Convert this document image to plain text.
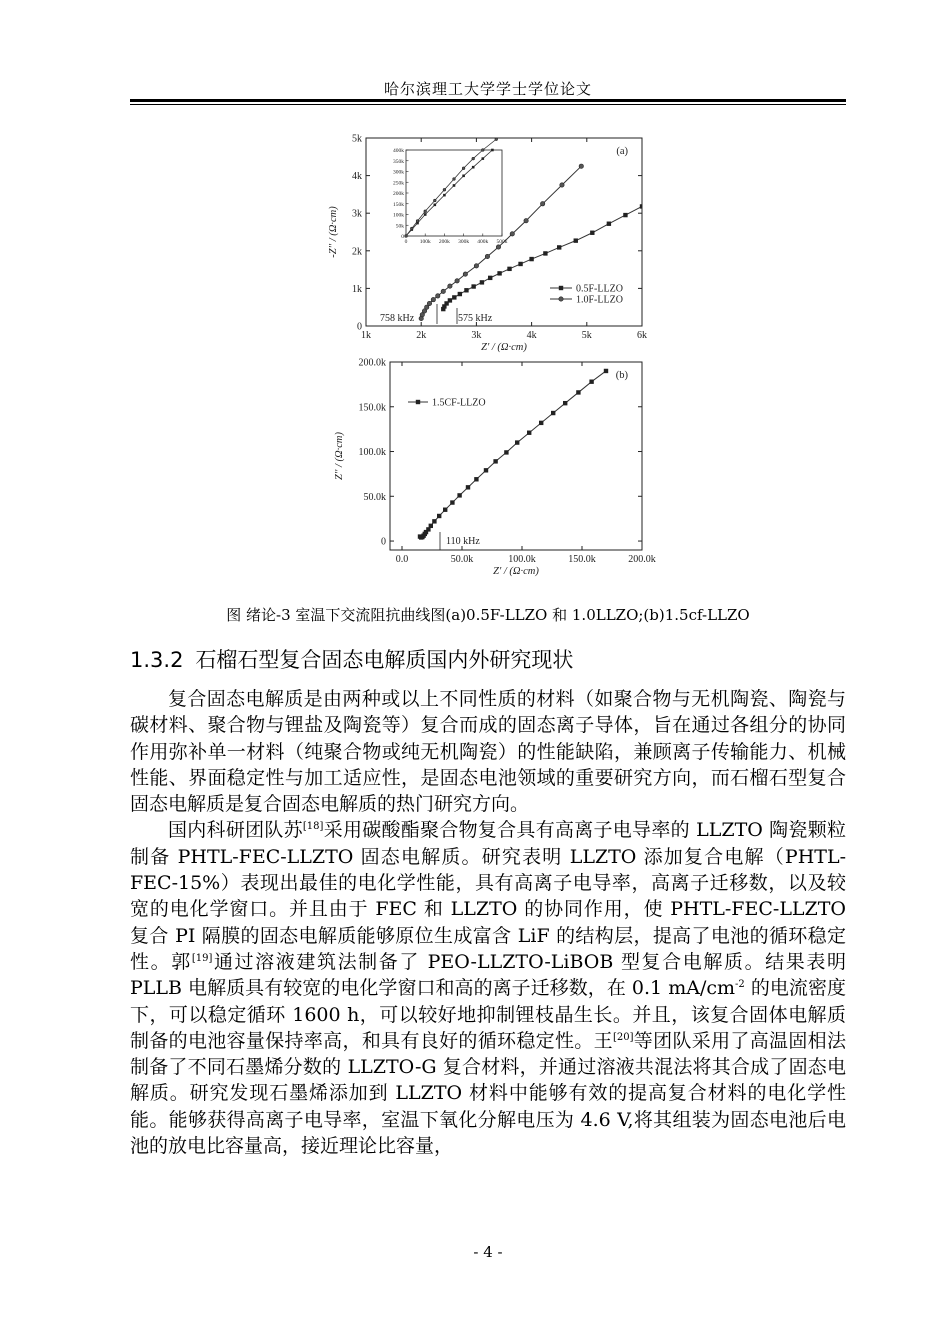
哈尔滨理工大学学士学位论文
1k	2k	3k	4k	5k	6k
0
1k
2k
3k
4k
5k
Z' / (Ω·cm)
-Z'' / (Ω·cm)
(a)
0.5F-LLZO
1.0F-LLZO
758 kHz	575 kHz
0 100k 200k 300k 400k 500k
0
50k
100k
150k
200k
250k
300k
350k
400k
0.0	50.0k	100.0k	150.0k	200.0k
0
50.0k
100.0k
150.0k
200.0k
Z' / (Ω·cm)
Z'' / (Ω·cm)
(b)
1.5CF-LLZO
110 kHz
图 绪论-3 室温下交流阻抗曲线图(a)0.5F-LLZO 和 1.0LLZO;(b)1.5cf-LLZO
1.3.2 石榴石型复合固态电解质国内外研究现状

复合固态电解质是由两种或以上不同性质的材料（如聚合物与无机陶瓷、陶瓷与碳材料、聚合物与锂盐及陶瓷等）复合而成的固态离子导体，旨在通过各组分的协同作用弥补单一材料（纯聚合物或纯无机陶瓷）的性能缺陷，兼顾离子传输能力、机械性能、界面稳定性与加工适应性，是固态电池领域的重要研究方向，而石榴石型复合固态电解质是复合固态电解质的热门研究方向。

国内科研团队苏[18]采用碳酸酯聚合物复合具有高离子电导率的 LLZTO 陶瓷颗粒制备 PHTL-FEC-LLZTO 固态电解质。研究表明 LLZTO 添加复合电解（PHTL-FEC-15%）表现出最佳的电化学性能，具有高离子电导率，高离子迁移数，以及较宽的电化学窗口。并且由于 FEC 和 LLZTO 的协同作用，使 PHTL-FEC-LLZTO 复合 PI 隔膜的固态电解质能够原位生成富含 LiF 的结构层，提高了电池的循环稳定性。郭[19]通过溶液建筑法制备了 PEO-LLZTO-LiBOB 型复合电解质。结果表明 PLLB 电解质具有较宽的电化学窗口和高的离子迁移数，在 0.1 $mA/cm^{-2}$ 的电流密度下，可以稳定循环 1600 h，可以较好地抑制锂枝晶生长。并且，该复合固体电解质制备的电池容量保持率高，和具有良好的循环稳定性。王[20]等团队采用了高温固相法制备了不同石墨烯分数的 LLZTO-G 复合材料，并通过溶液共混法将其合成了固态电解质。研究发现石墨烯添加到 LLZTO 材料中能够有效的提高复合材料的电化学性能。能够获得高离子电导率，室温下氧化分解电压为 4.6 V,将其组装为固态电池后电池的放电比容量高，接近理论比容量，

- 4 -
